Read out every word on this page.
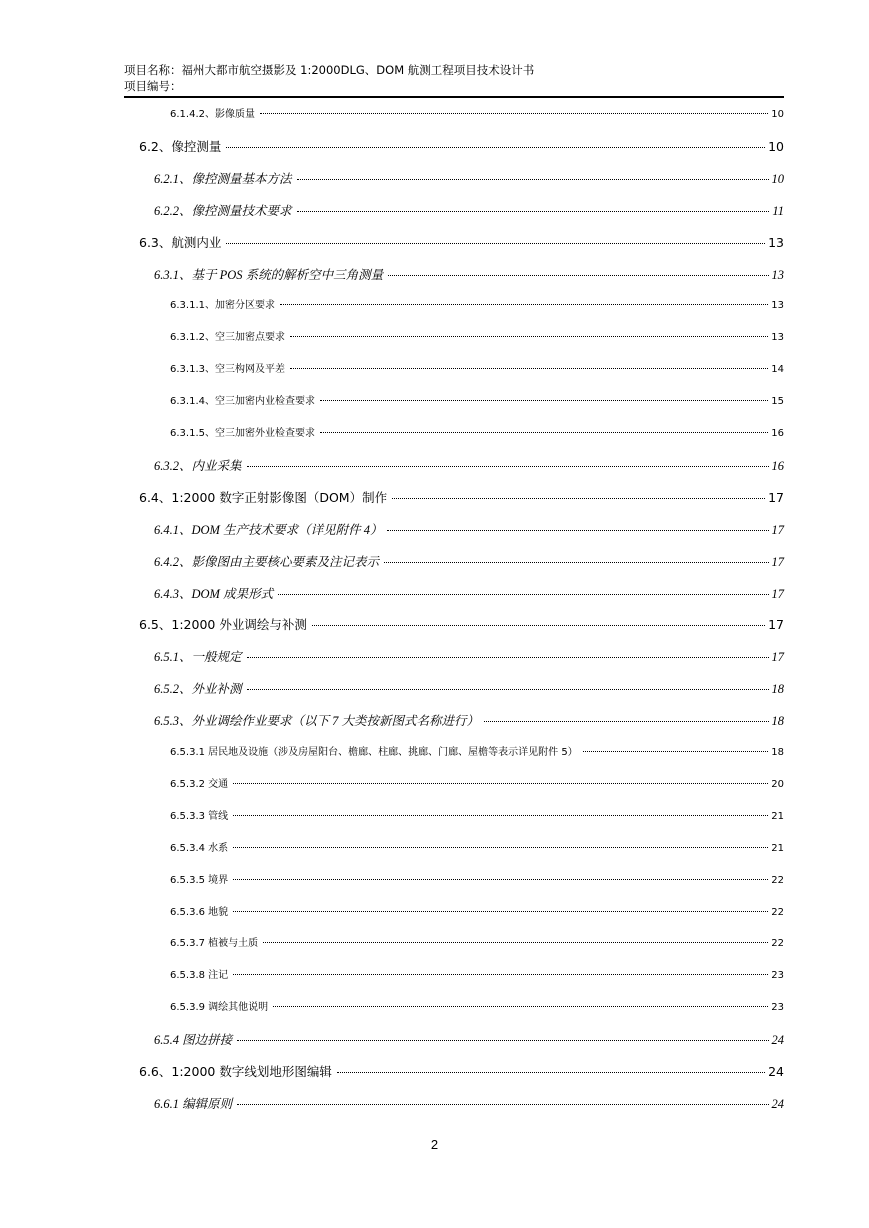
项目名称：福州大都市航空摄影及 1:2000DLG、DOM 航测工程项目技术设计书
项目编号：
6.1.4.2、影像质量	10
6.2、像控测量	10
6.2.1、像控测量基本方法	10
6.2.2、像控测量技术要求	11
6.3、航测内业	13
6.3.1、基于 POS 系统的解析空中三角测量	13
6.3.1.1、加密分区要求	13
6.3.1.2、空三加密点要求	13
6.3.1.3、空三构网及平差	14
6.3.1.4、空三加密内业检查要求	15
6.3.1.5、空三加密外业检查要求	16
6.3.2、内业采集	16
6.4、1:2000 数字正射影像图（DOM）制作	17
6.4.1、DOM 生产技术要求（详见附件 4）	17
6.4.2、影像图由主要核心要素及注记表示	17
6.4.3、DOM 成果形式	17
6.5、1:2000 外业调绘与补测	17
6.5.1、一般规定	17
6.5.2、外业补测	18
6.5.3、外业调绘作业要求（以下 7 大类按新图式名称进行）	18
6.5.3.1 居民地及设施（涉及房屋阳台、檐廊、柱廊、挑廊、门廊、屋檐等表示详见附件 5）	18
6.5.3.2 交通	20
6.5.3.3 管线	21
6.5.3.4 水系	21
6.5.3.5 境界	22
6.5.3.6 地貌	22
6.5.3.7 植被与土质	22
6.5.3.8 注记	23
6.5.3.9 调绘其他说明	23
6.5.4 图边拼接	24
6.6、1:2000 数字线划地形图编辑	24
6.6.1 编辑原则	24
2
